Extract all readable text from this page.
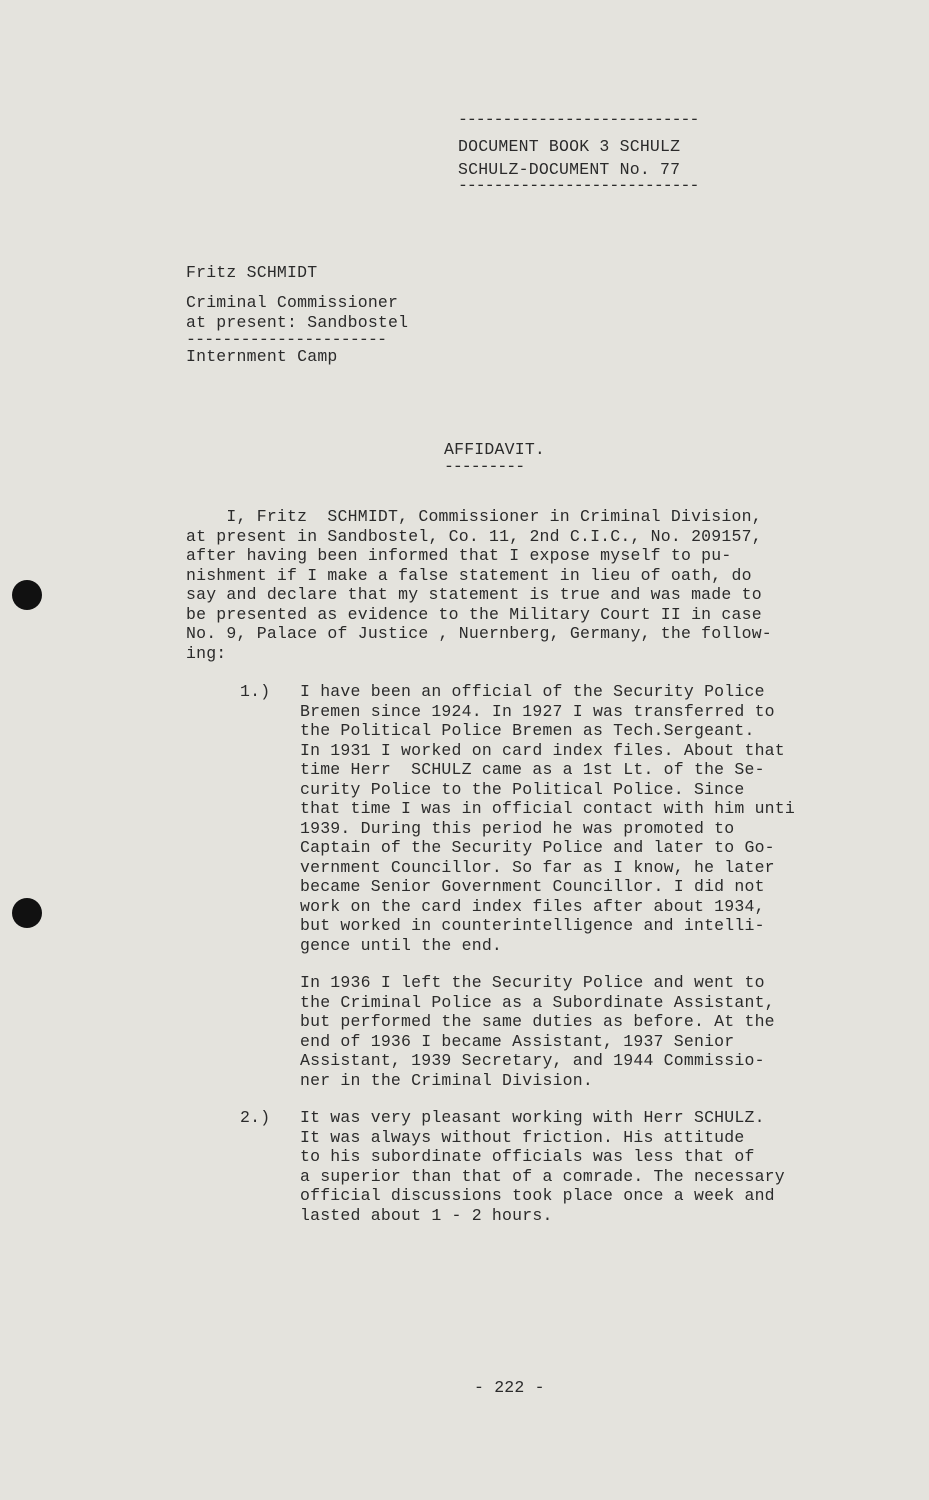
---------------------------
DOCUMENT BOOK 3 SCHULZ
SCHULZ-DOCUMENT No. 77
---------------------------
Fritz SCHMIDT
Criminal Commissioner
at present: Sandbostel
----------------------
Internment Camp
AFFIDAVIT.
---------
I, Fritz  SCHMIDT, Commissioner in Criminal Division,
at present in Sandbostel, Co. 11, 2nd C.I.C., No. 209157,
after having been informed that I expose myself to pu-
nishment if I make a false statement in lieu of oath, do
say and declare that my statement is true and was made to
be presented as evidence to the Military Court II in case
No. 9, Palace of Justice , Nuernberg, Germany, the follow-
ing:
1.) I have been an official of the Security Police
Bremen since 1924. In 1927 I was transferred to
the Political Police Bremen as Tech.Sergeant.
In 1931 I worked on card index files. About that
time Herr  SCHULZ came as a 1st Lt. of the Se-
curity Police to the Political Police. Since
that time I was in official contact with him unti
1939. During this period he was promoted to
Captain of the Security Police and later to Go-
vernment Councillor. So far as I know, he later
became Senior Government Councillor. I did not
work on the card index files after about 1934,
but worked in counterintelligence and intelli-
gence until the end.
In 1936 I left the Security Police and went to
the Criminal Police as a Subordinate Assistant,
but performed the same duties as before. At the
end of 1936 I became Assistant, 1937 Senior
Assistant, 1939 Secretary, and 1944 Commissio-
ner in the Criminal Division.
2.) It was very pleasant working with Herr SCHULZ.
It was always without friction. His attitude
to his subordinate officials was less that of
a superior than that of a comrade. The necessary
official discussions took place once a week and
lasted about 1 - 2 hours.
- 222 -
